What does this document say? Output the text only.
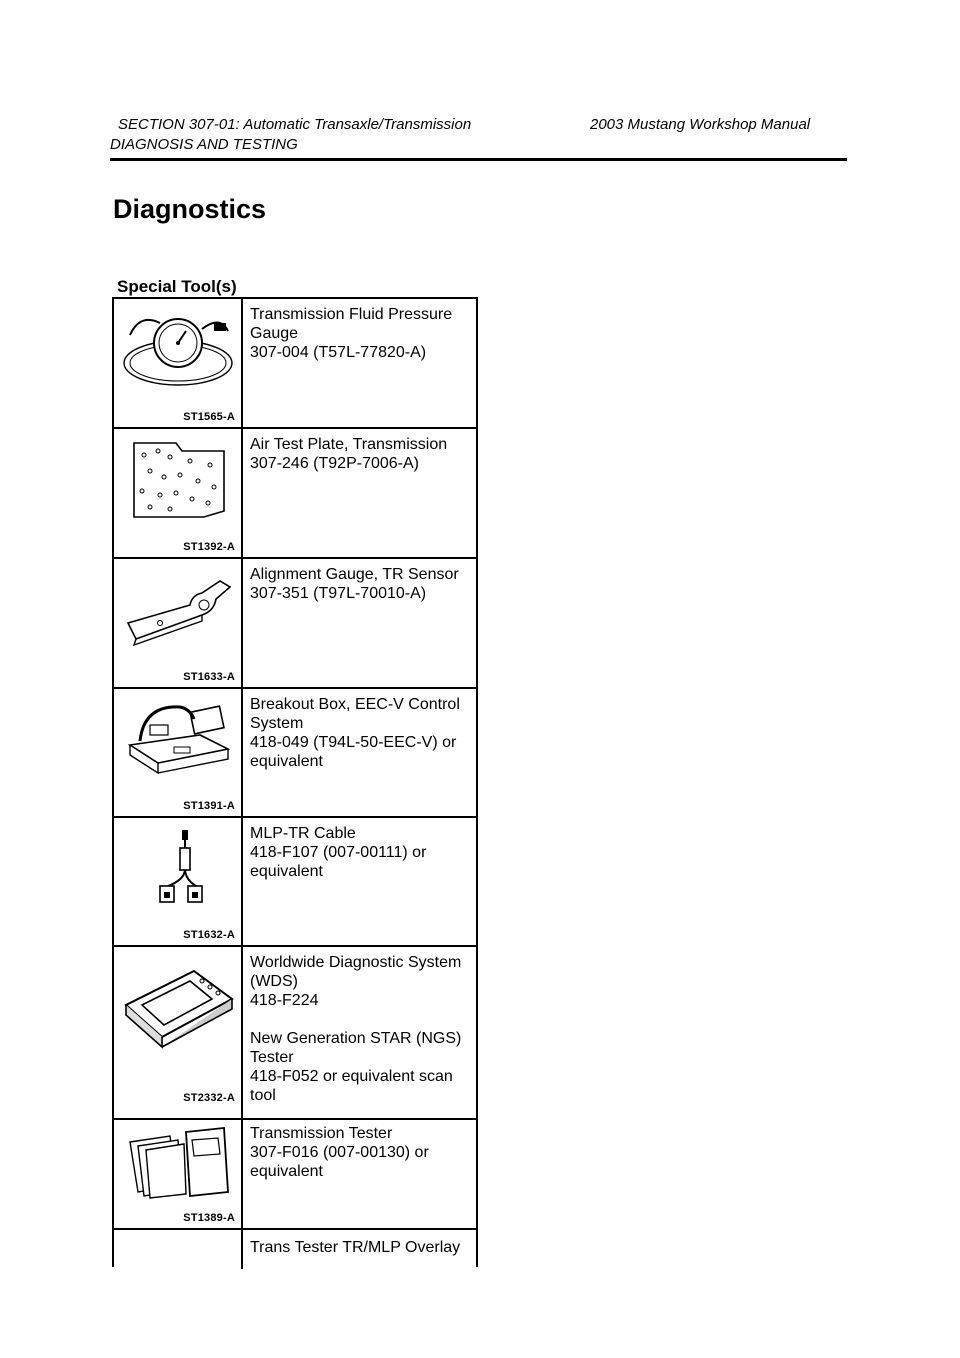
SECTION 307-01: Automatic Transaxle/Transmission
DIAGNOSIS AND TESTING
2003 Mustang Workshop Manual
Diagnostics
Special Tool(s)
ST1565-A
Transmission Fluid Pressure
Gauge
307-004 (T57L-77820-A)
ST1392-A
Air Test Plate, Transmission
307-246 (T92P-7006-A)
ST1633-A
Alignment Gauge, TR Sensor
307-351 (T97L-70010-A)
ST1391-A
Breakout Box, EEC-V Control
System
418-049 (T94L-50-EEC-V) or
equivalent
ST1632-A
MLP-TR Cable
418-F107 (007-00111) or
equivalent
ST2332-A
Worldwide Diagnostic System
(WDS)
418-F224
New Generation STAR (NGS)
Tester
418-F052 or equivalent scan
tool
ST1389-A
Transmission Tester
307-F016 (007-00130) or
equivalent
Trans Tester TR/MLP Overlay
